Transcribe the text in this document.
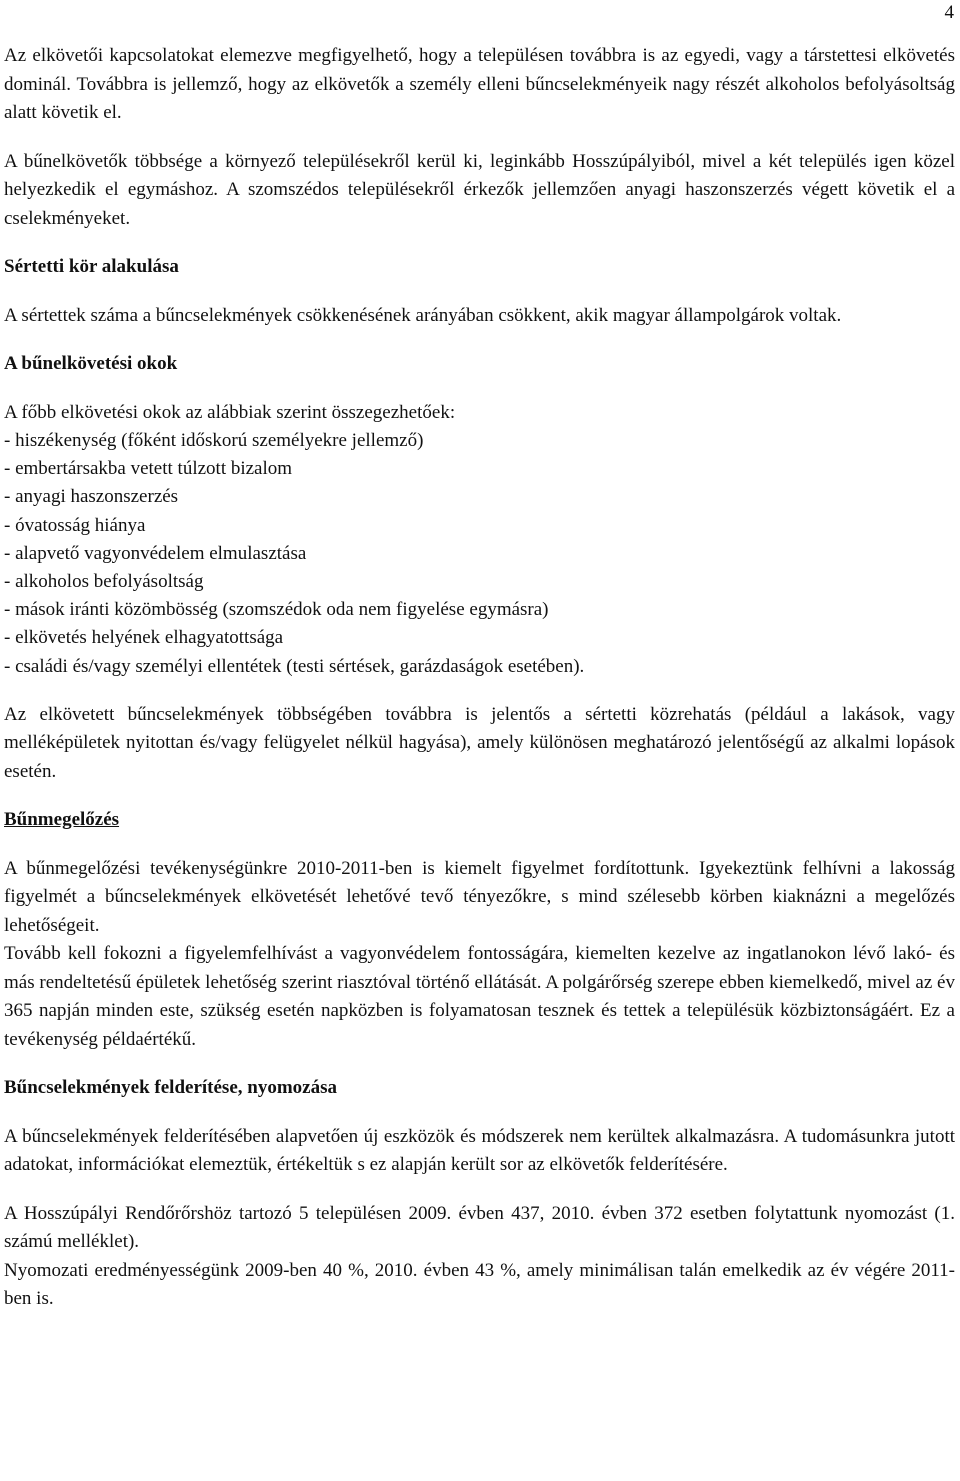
4

Az elkövetői kapcsolatokat elemezve megfigyelhető, hogy a településen továbbra is az egyedi, vagy a társtettesi elkövetés dominál. Továbbra is jellemző, hogy az elkövetők a személy elleni bűncselekményeik nagy részét alkoholos befolyásoltság alatt követik el.

A bűnelkövetők többsége a környező településekről kerül ki, leginkább Hosszúpályiból, mivel a két település igen közel helyezkedik el egymáshoz. A szomszédos településekről érkezők jellemzően anyagi haszonszerzés végett követik el a cselekményeket.

Sértetti kör alakulása

A sértettek száma a bűncselekmények csökkenésének arányában csökkent, akik magyar állampolgárok voltak.

A bűnelkövetési okok

A főbb elkövetési okok az alábbiak szerint összegezhetőek:

- hiszékenység (főként időskorú személyekre jellemző)
- embertársakba vetett túlzott bizalom
- anyagi haszonszerzés
- óvatosság hiánya
- alapvető vagyonvédelem elmulasztása
- alkoholos befolyásoltság
- mások iránti közömbösség (szomszédok oda nem figyelése egymásra)
- elkövetés helyének elhagyatottsága
- családi és/vagy személyi ellentétek (testi sértések, garázdaságok esetében).

Az elkövetett bűncselekmények többségében továbbra is jelentős a sértetti közrehatás (például a lakások, vagy melléképületek nyitottan és/vagy felügyelet nélkül hagyása), amely különösen meghatározó jelentőségű az alkalmi lopások esetén.

Bűnmegelőzés

A bűnmegelőzési tevékenységünkre 2010-2011-ben is kiemelt figyelmet fordítottunk. Igyekeztünk felhívni a lakosság figyelmét a bűncselekmények elkövetését lehetővé tevő tényezőkre, s mind szélesebb körben kiaknázni a megelőzés lehetőségeit.

Tovább kell fokozni a figyelemfelhívást a vagyonvédelem fontosságára, kiemelten kezelve az ingatlanokon lévő lakó- és más rendeltetésű épületek lehetőség szerint riasztóval történő ellátását. A polgárőrség szerepe ebben kiemelkedő, mivel az év 365 napján minden este, szükség esetén napközben is folyamatosan tesznek és tettek a településük közbiztonságáért. Ez a tevékenység példaértékű.

Bűncselekmények felderítése, nyomozása

A bűncselekmények felderítésében alapvetően új eszközök és módszerek nem kerültek alkalmazásra. A tudomásunkra jutott adatokat, információkat elemeztük, értékeltük s ez alapján került sor az elkövetők felderítésére.

A Hosszúpályi Rendőrőrshöz tartozó 5 településen 2009. évben 437, 2010. évben 372 esetben folytattunk nyomozást (1. számú melléklet).

Nyomozati eredményességünk 2009-ben 40 %, 2010. évben 43 %, amely minimálisan talán emelkedik az év végére 2011-ben is.
